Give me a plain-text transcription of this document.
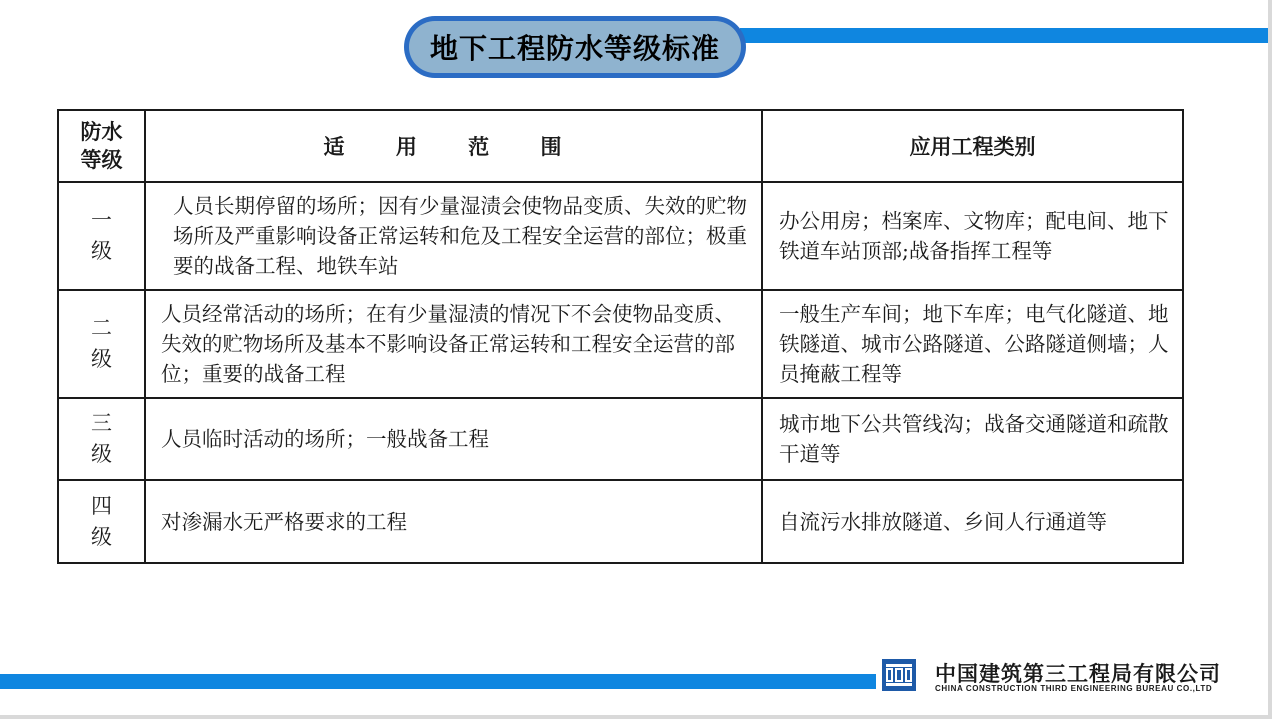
地下工程防水等级标准
防水
等级	适 用 范 围	应用工程类别

一
级	人员长期停留的场所；因有少量湿渍会使物品变质、失效的贮物场所及严重影响设备正常运转和危及工程安全运营的部位；极重要的战备工程、地铁车站	办公用房；档案库、文物库；配电间、地下铁道车站顶部;战备指挥工程等

二
级	人员经常活动的场所；在有少量湿渍的情况下不会使物品变质、失效的贮物场所及基本不影响设备正常运转和工程安全运营的部位；重要的战备工程	一般生产车间；地下车库；电气化隧道、地铁隧道、城市公路隧道、公路隧道侧墙；人员掩蔽工程等

三
级	人员临时活动的场所；一般战备工程	城市地下公共管线沟；战备交通隧道和疏散干道等

四
级	对渗漏水无严格要求的工程	自流污水排放隧道、乡间人行通道等
中国建筑第三工程局有限公司
CHINA CONSTRUCTION THIRD ENGINEERING BUREAU CO.,LTD
